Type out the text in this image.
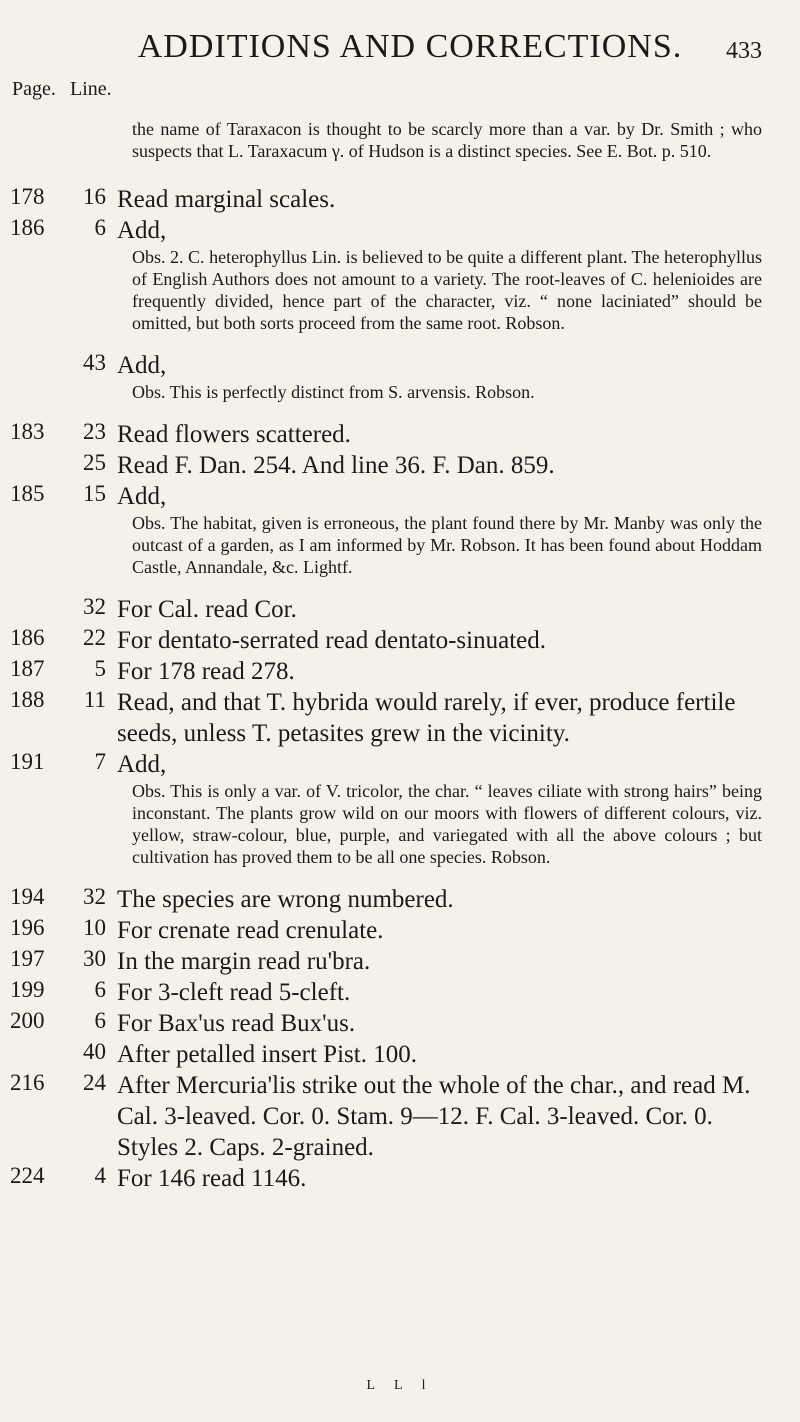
ADDITIONS AND CORRECTIONS.	433
Page. Line.
the name of Taraxacon is thought to be scarcly more than a var. by Dr. Smith ; who suspects that L. Taraxacum γ. of Hudson is a distinct species. See E. Bot. p. 510.
178	16 Read marginal scales.
186	6 Add,
Obs. 2. C. heterophyllus Lin. is believed to be quite a different plant. The heterophyllus of English Authors does not amount to a variety. The root-leaves of C. helenioides are frequently divided, hence part of the character, viz. “ none laciniated” should be omitted, but both sorts proceed from the same root. Robson.
43 Add,
Obs. This is perfectly distinct from S. arvensis. Robson.
183	23 Read flowers scattered.
25 Read F. Dan. 254. And line 36. F. Dan. 859.
185	15 Add,
Obs. The habitat, given is erroneous, the plant found there by Mr. Manby was only the outcast of a garden, as I am informed by Mr. Robson. It has been found about Hoddam Castle, Annandale, &c. Lightf.
32 For Cal. read Cor.
186	22 For dentato-serrated read dentato-sinuated.
187	5 For 178 read 278.
188	11 Read, and that T. hybrida would rarely, if ever, produce fertile seeds, unless T. petasites grew in the vicinity.
191	7 Add,
Obs. This is only a var. of V. tricolor, the char. “ leaves ciliate with strong hairs” being inconstant. The plants grow wild on our moors with flowers of different colours, viz. yellow, straw-colour, blue, purple, and variegated with all the above colours ; but cultivation has proved them to be all one species. Robson.
194	32 The species are wrong numbered.
196	10 For crenate read crenulate.
197	30 In the margin read ru'bra.
199	6 For 3-cleft read 5-cleft.
200	6 For Bax'us read Bux'us.
40 After petalled insert Pist. 100.
216	24 After Mercuria'lis strike out the whole of the char., and read M. Cal. 3-leaved. Cor. 0. Stam. 9—12. F. Cal. 3-leaved. Cor. 0. Styles 2. Caps. 2-grained.
224	4 For 146 read 1146.
L L l
